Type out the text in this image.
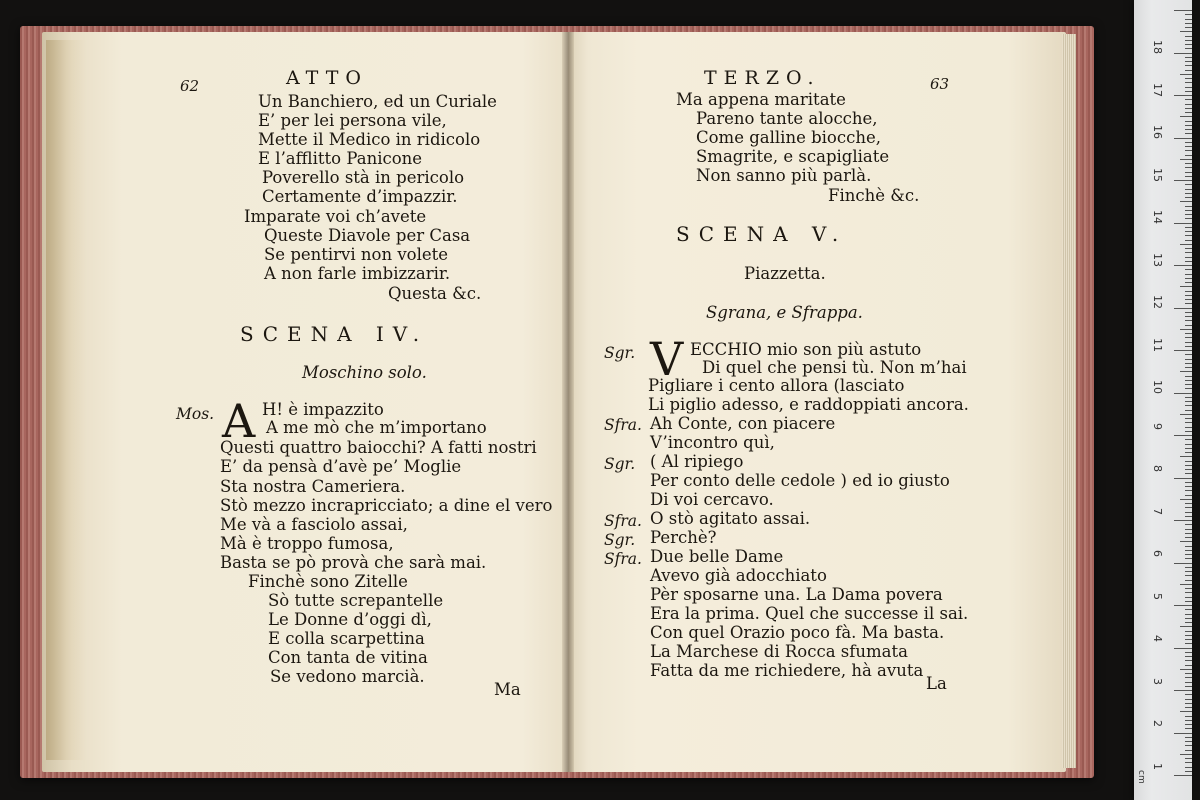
62	ATTO
Un Banchiero, ed un Curiale
E’ per lei persona vile,
Mette il Medico in ridicolo
E l’afflitto Panicone
Poverello stà in pericolo
Certamente d’impazzir.
Imparate voi ch’avete
Queste Diavole per Casa
Se pentirvi non volete
A non farle imbizzarir.
Questa &c.
SCENA IV.
Moschino solo.
Mos. A H! è impazzito
A me mò che m’importano
Questi quattro baiocchi? A fatti nostri
E’ da pensà d’avè pe’ Moglie
Sta nostra Cameriera.
Stò mezzo incrapricciato; a dine el vero
Me và a fasciolo assai,
Mà è troppo fumosa,
Basta se pò provà che sarà mai.
Finchè sono Zitelle
Sò tutte screpantelle
Le Donne d’oggi dì,
E colla scarpettina
Con tanta de vitina
Se vedono marcià.
Ma
TERZO.	63
Ma appena maritate
Pareno tante alocche,
Come galline biocche,
Smagrite, e scapigliate
Non sanno più parlà.
Finchè &c.
SCENA V.
Piazzetta.
Sgrana, e Sfrappa.
V
Sgr.	ECCHIO mio son più astuto
Di quel che pensi tù. Non m’hai
Pigliare i cento allora (lasciato
Li piglio adesso, e raddoppiati ancora.
Sfra. Ah Conte, con piacere
V’incontro quì,
Sgr. ( Al ripiego
Per conto delle cedole ) ed io giusto
Di voi cercavo.
Sfra. O stò agitato assai.
Sgr. Perchè?
Sfra. Due belle Dame
Avevo già adocchiato
Pèr sposarne una. La Dama povera
Era la prima. Quel che successe il sai.
Con quel Orazio poco fà. Ma basta.
La Marchese di Rocca sfumata
Fatta da me richiedere, hà avuta
La
cm
18
17
16
15
14
13
12
11
10
9
8
7
6
5
4
3
2
1
